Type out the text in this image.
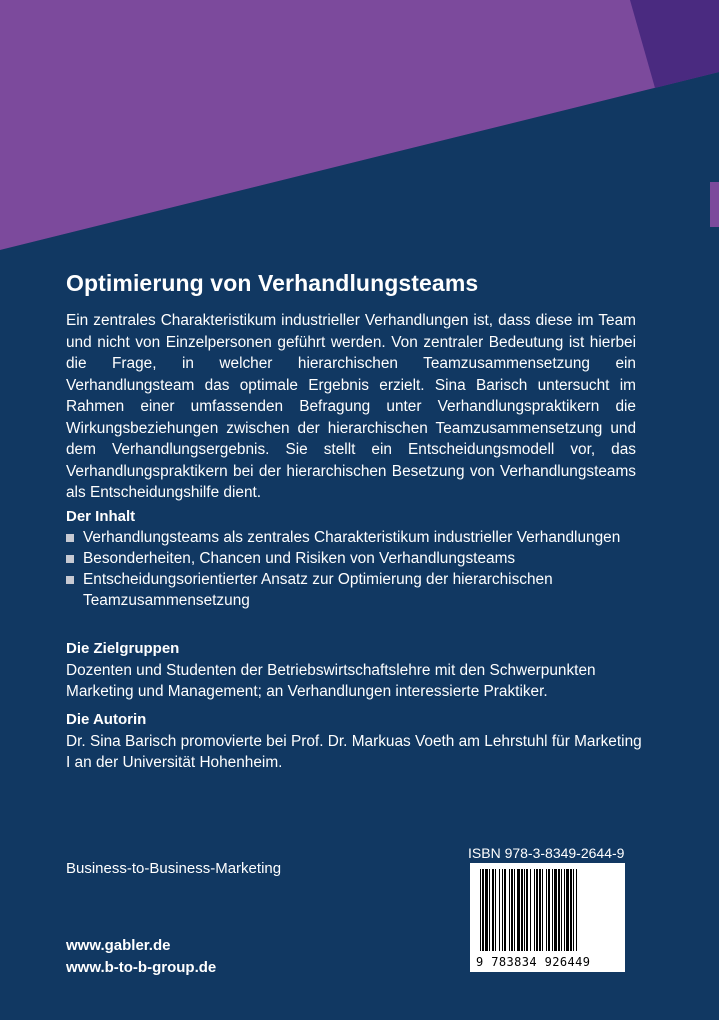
Optimierung von Verhandlungsteams
Ein zentrales Charakteristikum industrieller Verhandlungen ist, dass diese im Team und nicht von Einzelpersonen geführt werden. Von zentraler Bedeutung ist hierbei die Frage, in welcher hierarchischen Teamzusammensetzung ein Verhandlungsteam das optimale Ergebnis erzielt. Sina Barisch untersucht im Rahmen einer umfassenden Befragung unter Verhandlungspraktikern die Wirkungsbeziehungen zwischen der hierarchischen Teamzusammensetzung und dem Verhandlungsergebnis. Sie stellt ein Entscheidungsmodell vor, das Verhandlungspraktikern bei der hierarchischen Besetzung von Verhandlungsteams als Entscheidungshilfe dient.
Der Inhalt
Verhandlungsteams als zentrales Charakteristikum industrieller Verhandlungen
Besonderheiten, Chancen und Risiken von Verhandlungsteams
Entscheidungsorientierter Ansatz zur Optimierung der hierarchischen Teamzusammensetzung
Die Zielgruppen
Dozenten und Studenten der Betriebswirtschaftslehre mit den Schwerpunkten Marketing und Management; an Verhandlungen interessierte Praktiker.
Die Autorin
Dr. Sina Barisch promovierte bei Prof. Dr. Markuas Voeth am Lehrstuhl für Marketing I an der Universität Hohenheim.
Business-to-Business-Marketing
www.gabler.de
www.b-to-b-group.de
ISBN 978-3-8349-2644-9
9 783834 926449
